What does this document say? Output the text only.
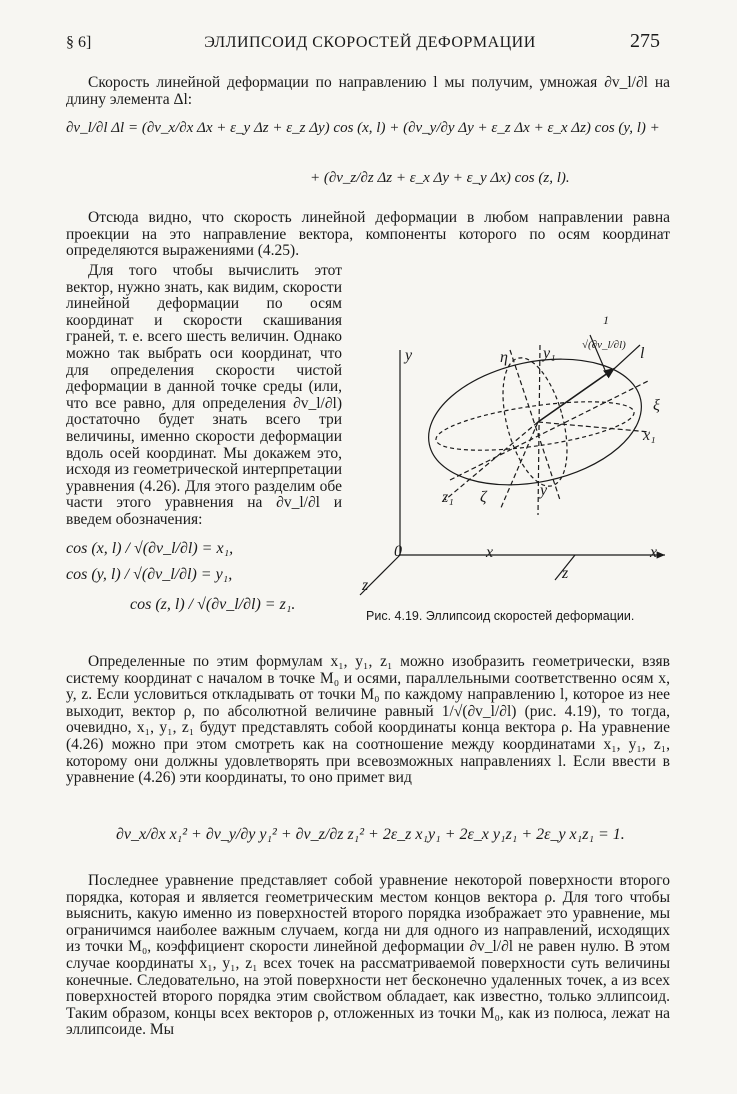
§ 6]	ЭЛЛИПСОИД СКОРОСТЕЙ ДЕФОРМАЦИИ	275

Скорость линейной деформации по направлению l мы получим, умножая ∂v_l/∂l на длину элемента Δl:

∂v_l/∂l Δl = (∂v_x/∂x Δx + ε_y Δz + ε_z Δy) cos (x, l) + (∂v_y/∂y Δy + ε_z Δx + ε_x Δz) cos (y, l) +
+ (∂v_z/∂z Δz + ε_x Δy + ε_y Δx) cos (z, l).

Отсюда видно, что скорость линейной деформации в любом направлении равна проекции на это направление вектора, компоненты которого по осям координат определяются выражениями (4.25).

Для того чтобы вычислить этот вектор, нужно знать, как видим, скорости линейной деформации по осям координат и скорости скашивания граней, т. е. всего шесть величин. Однако можно так выбрать оси координат, что для определения скорости чистой деформации в данной точке среды (или, что все равно, для определения ∂v_l/∂l) достаточно будет знать всего три величины, именно скорости деформации вдоль осей координат. Мы докажем это, исходя из геометрической интерпретации уравнения (4.26). Для этого разделим обе части этого уравнения на ∂v_l/∂l и введем обозначения:

cos (x, l) / √(∂v_l/∂l) = x₁,
cos (y, l) / √(∂v_l/∂l) = y₁,
cos (z, l) / √(∂v_l/∂l) = z₁.
y	y₁
η
1
√(∂v_l/∂l) l
ξ
x₁
z₁ ζ	y
0	x	x
z
z
Рис. 4.19. Эллипсоид скоростей деформации.

Определенные по этим формулам x₁, y₁, z₁ можно изобразить геометрически, взяв систему координат с началом в точке M₀ и осями, параллельными соответственно осям x, y, z. Если условиться откладывать от точки M₀ по каждому направлению l, которое из нее выходит, вектор ρ, по абсолютной величине равный 1/√(∂v_l/∂l) (рис. 4.19), то тогда, очевидно, x₁, y₁, z₁ будут представлять собой координаты конца вектора ρ. На уравнение (4.26) можно при этом смотреть как на соотношение между координатами x₁, y₁, z₁, которому они должны удовлетворять при всевозможных направлениях l. Если ввести в уравнение (4.26) эти координаты, то оно примет вид

∂v_x/∂x x₁² + ∂v_y/∂y y₁² + ∂v_z/∂z z₁² + 2ε_z x₁y₁ + 2ε_x y₁z₁ + 2ε_y x₁z₁ = 1.

Последнее уравнение представляет собой уравнение некоторой поверхности второго порядка, которая и является геометрическим местом концов вектора ρ. Для того чтобы выяснить, какую именно из поверхностей второго порядка изображает это уравнение, мы ограничимся наиболее важным случаем, когда ни для одного из направлений, исходящих из точки M₀, коэффициент скорости линейной деформации ∂v_l/∂l не равен нулю. В этом случае координаты x₁, y₁, z₁ всех точек на рассматриваемой поверхности суть величины конечные. Следовательно, на этой поверхности нет бесконечно удаленных точек, а из всех поверхностей второго порядка этим свойством обладает, как известно, только эллипсоид. Таким образом, концы всех векторов ρ, отложенных из точки M₀, как из полюса, лежат на эллипсоиде. Мы
